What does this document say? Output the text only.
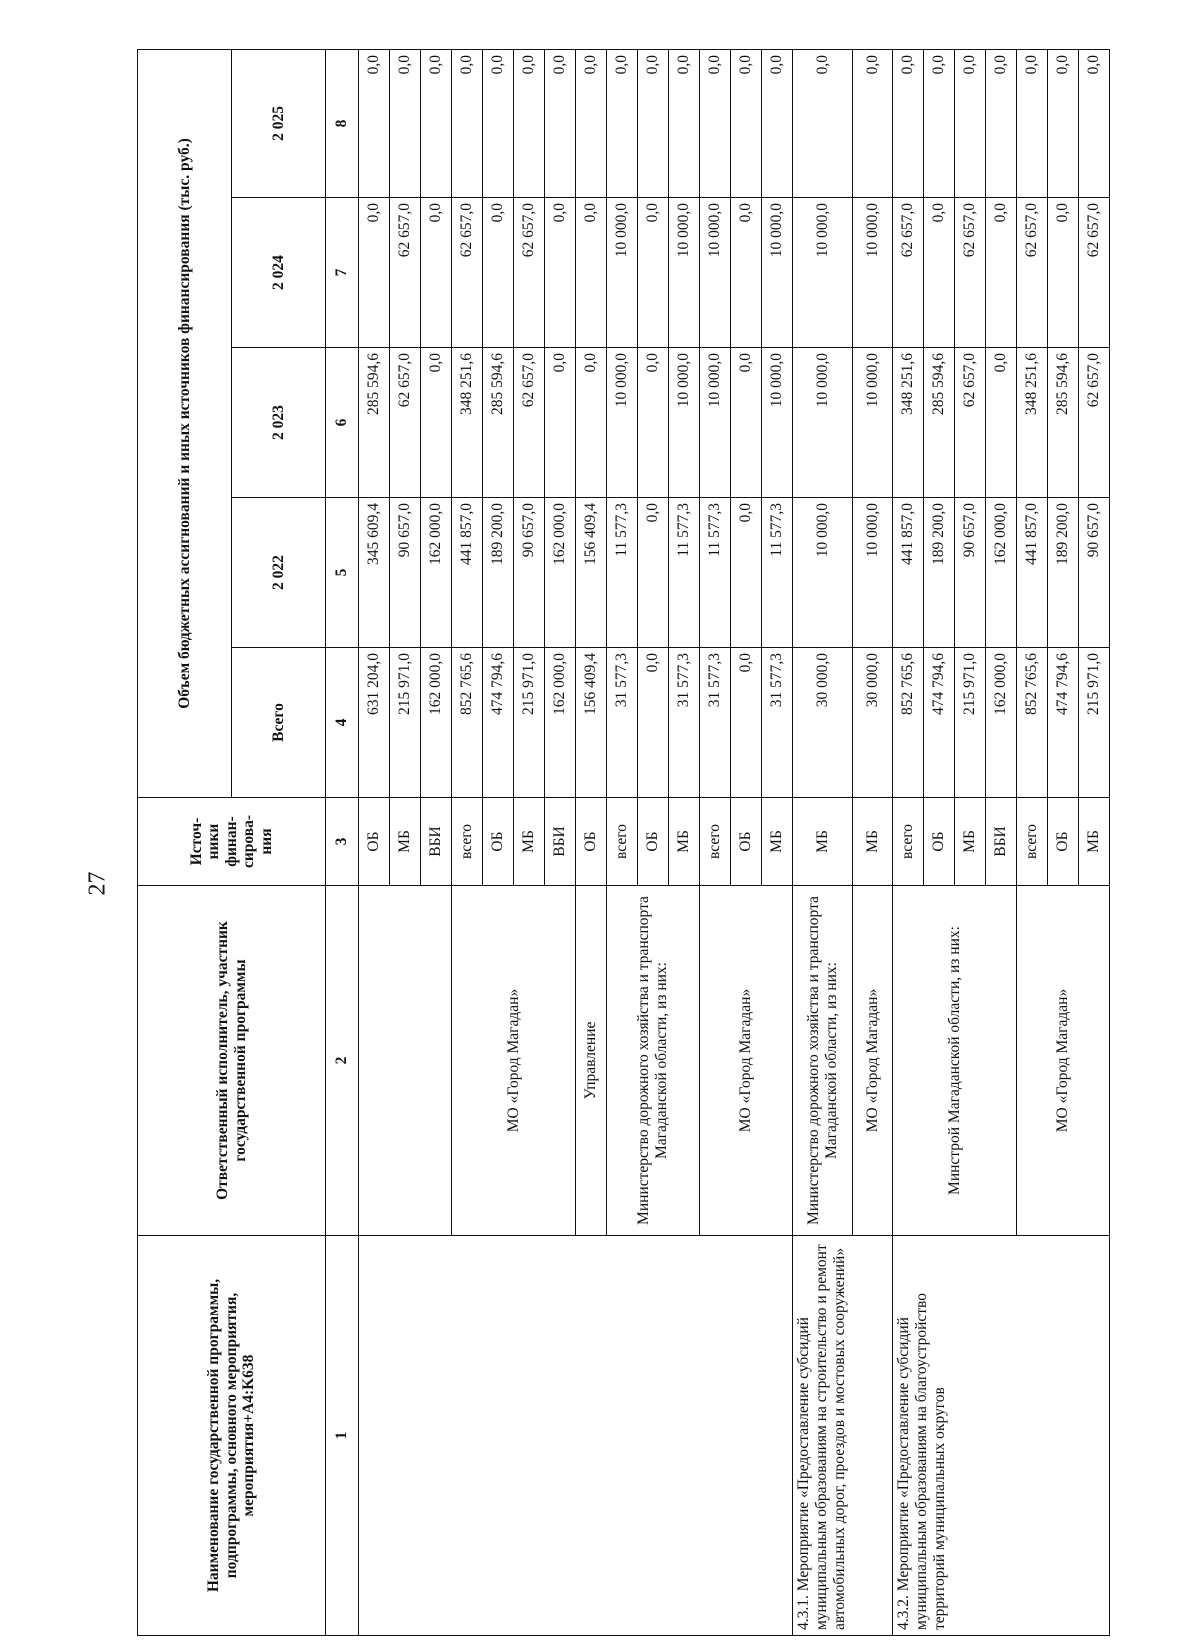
27
Наименование государственной программы, подпрограммы, основного мероприятия, мероприятия+A4:K638	Ответственный исполнитель, участник государственной программы	Источ-ники финан-сирова-ния	Объем бюджетных ассигнований и иных источников финансирования (тыс. руб.)				
			Всего	2 022	2 023	2 024	2 025
1	2	3	4	5	6	7	8
		ОБ	631 204,0	345 609,4	285 594,6	0,0	0,0
		МБ	215 971,0	90 657,0	62 657,0	62 657,0	0,0
		ВБИ	162 000,0	162 000,0	0,0	0,0	0,0
	МО «Город Магадан»	всего	852 765,6	441 857,0	348 251,6	62 657,0	0,0
		ОБ	474 794,6	189 200,0	285 594,6	0,0	0,0
		МБ	215 971,0	90 657,0	62 657,0	62 657,0	0,0
		ВБИ	162 000,0	162 000,0	0,0	0,0	0,0
	Управление	ОБ	156 409,4	156 409,4	0,0	0,0	0,0
	Министерство дорожного хозяйства и транспорта Магаданской области, из них:	всего	31 577,3	11 577,3	10 000,0	10 000,0	0,0
		ОБ	0,0	0,0	0,0	0,0	0,0
		МБ	31 577,3	11 577,3	10 000,0	10 000,0	0,0
	МО «Город Магадан»	всего	31 577,3	11 577,3	10 000,0	10 000,0	0,0
		ОБ	0,0	0,0	0,0	0,0	0,0
		МБ	31 577,3	11 577,3	10 000,0	10 000,0	0,0
4.3.1. Мероприятие «Предоставление субсидий муниципальным образованиям на строительство и ремонт автомобильных дорог, проездов и мостовых сооружений»	Министерство дорожного хозяйства и транспорта Магаданской области, из них:	МБ	30 000,0	10 000,0	10 000,0	10 000,0	0,0
	МО «Город Магадан»	МБ	30 000,0	10 000,0	10 000,0	10 000,0	0,0
4.3.2. Мероприятие «Предоставление субсидий муниципальным образованиям на благоустройство территорий муниципальных округов	Минстрой Магаданской области, из них:	всего	852 765,6	441 857,0	348 251,6	62 657,0	0,0
		ОБ	474 794,6	189 200,0	285 594,6	0,0	0,0
		МБ	215 971,0	90 657,0	62 657,0	62 657,0	0,0
		ВБИ	162 000,0	162 000,0	0,0	0,0	0,0
	МО «Город Магадан»	всего	852 765,6	441 857,0	348 251,6	62 657,0	0,0
		ОБ	474 794,6	189 200,0	285 594,6	0,0	0,0
		МБ	215 971,0	90 657,0	62 657,0	62 657,0	0,0
